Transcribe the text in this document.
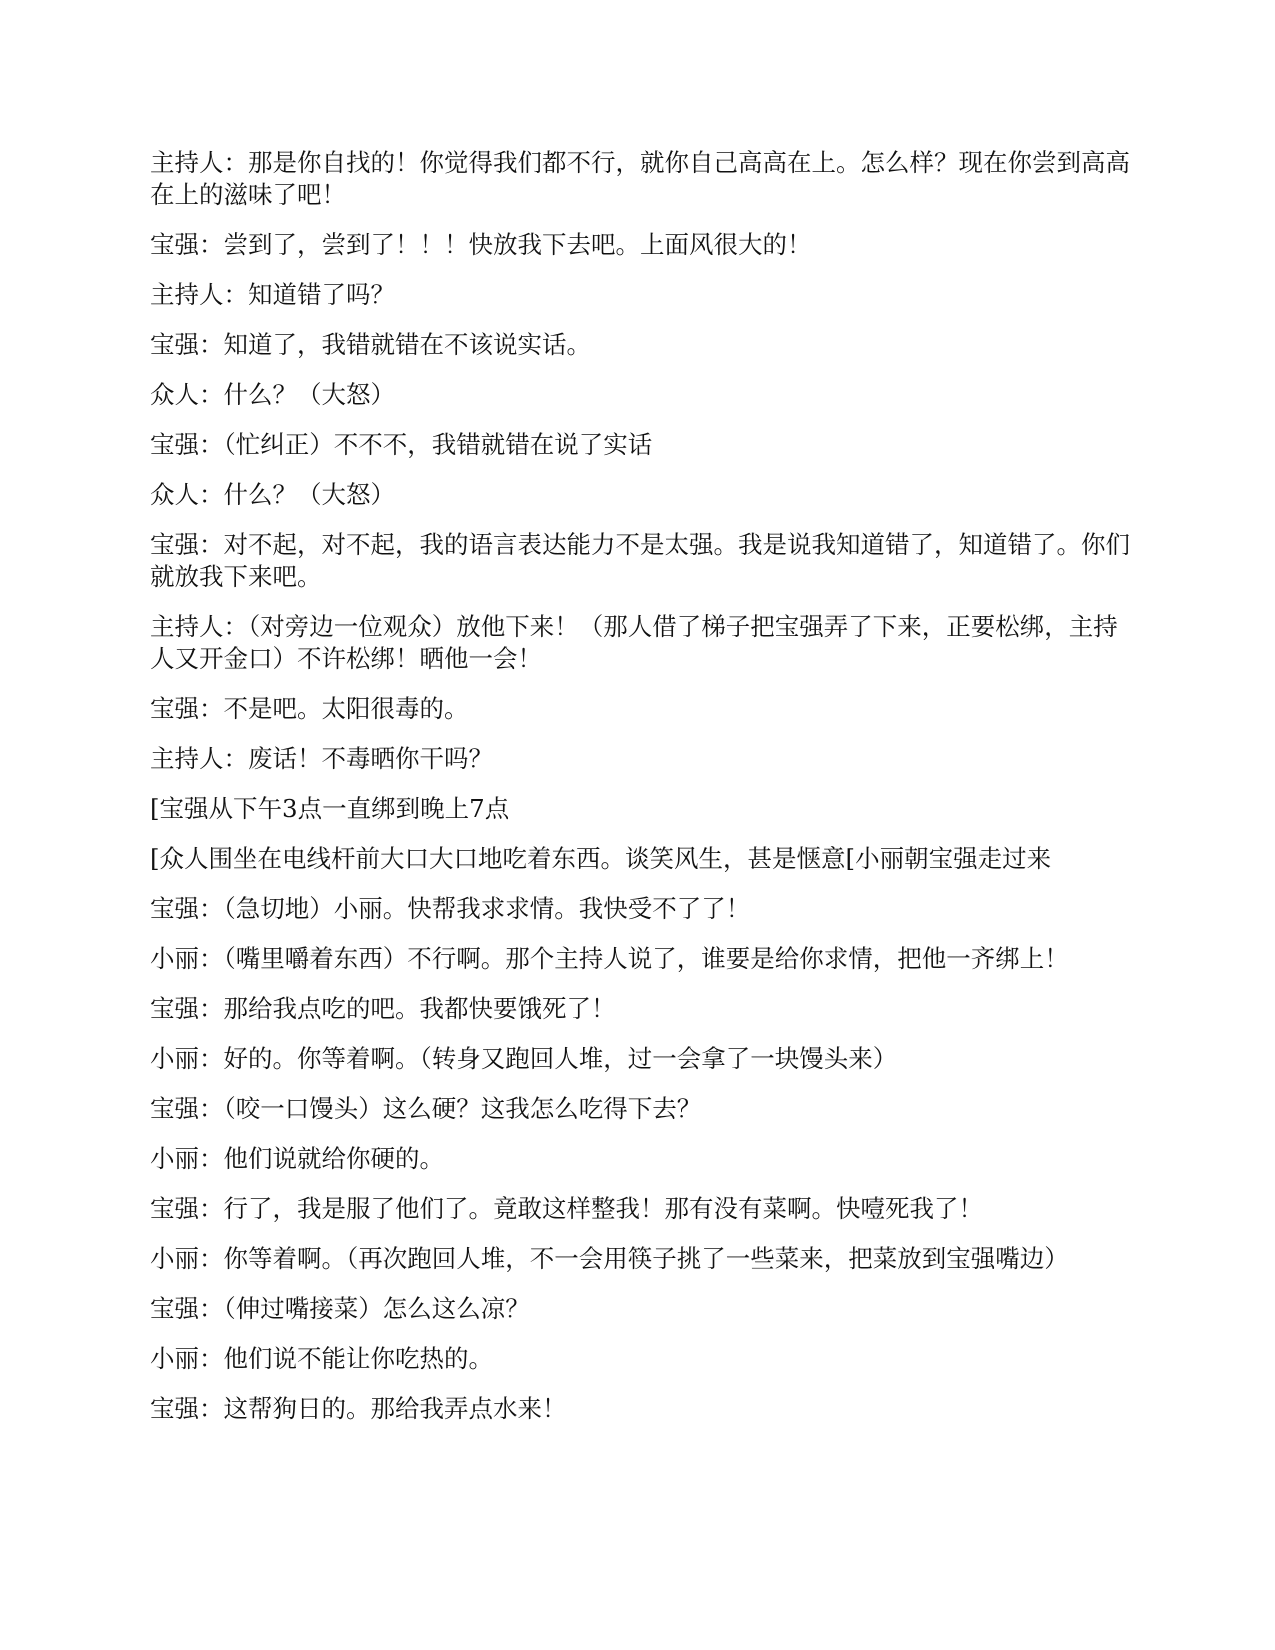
主持人：那是你自找的！你觉得我们都不行，就你自己高高在上。怎么样？现在你尝到高高在上的滋味了吧！

宝强：尝到了，尝到了！！！快放我下去吧。上面风很大的！

主持人：知道错了吗？

宝强：知道了，我错就错在不该说实话。

众人：什么？（大怒）

宝强：（忙纠正）不不不，我错就错在说了实话

众人：什么？（大怒）

宝强：对不起，对不起，我的语言表达能力不是太强。我是说我知道错了，知道错了。你们就放我下来吧。

主持人：（对旁边一位观众）放他下来！（那人借了梯子把宝强弄了下来，正要松绑，主持人又开金口）不许松绑！晒他一会！

宝强：不是吧。太阳很毒的。

主持人：废话！不毒晒你干吗？

[宝强从下午3点一直绑到晚上7点

[众人围坐在电线杆前大口大口地吃着东西。谈笑风生，甚是惬意[小丽朝宝强走过来

宝强：（急切地）小丽。快帮我求求情。我快受不了了！

小丽：（嘴里嚼着东西）不行啊。那个主持人说了，谁要是给你求情，把他一齐绑上！

宝强：那给我点吃的吧。我都快要饿死了！

小丽：好的。你等着啊。（转身又跑回人堆，过一会拿了一块馒头来）

宝强：（咬一口馒头）这么硬？这我怎么吃得下去？

小丽：他们说就给你硬的。

宝强：行了，我是服了他们了。竟敢这样整我！那有没有菜啊。快噎死我了！

小丽：你等着啊。（再次跑回人堆，不一会用筷子挑了一些菜来，把菜放到宝强嘴边）

宝强：（伸过嘴接菜）怎么这么凉？

小丽：他们说不能让你吃热的。

宝强：这帮狗日的。那给我弄点水来！
